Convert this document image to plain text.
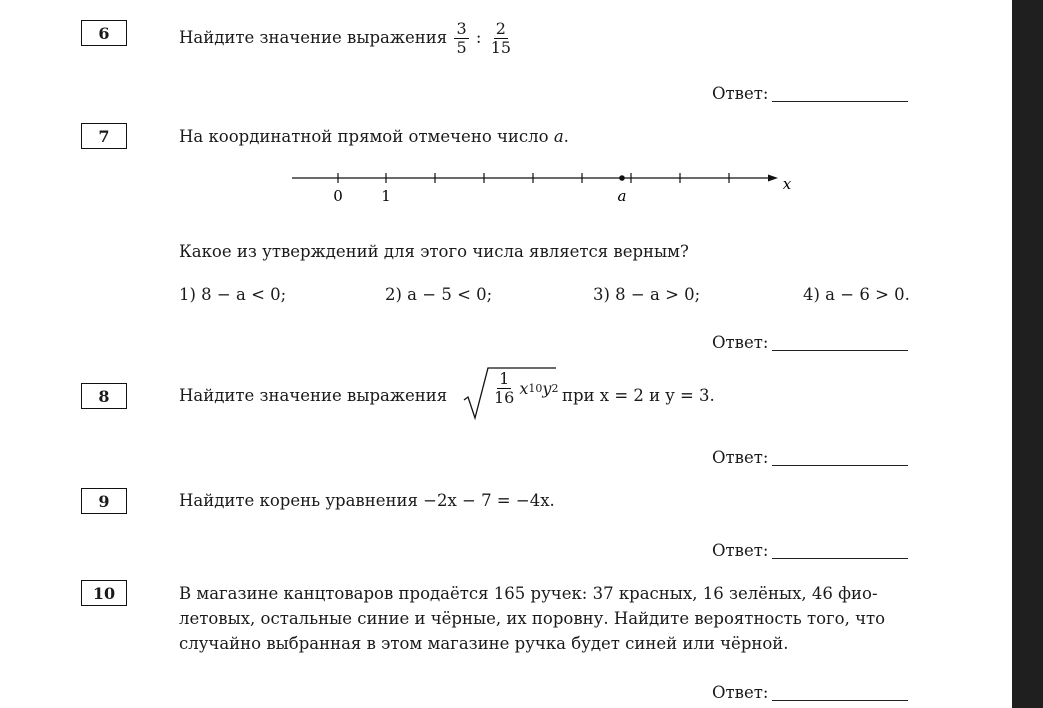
6	Найдите значение выражения $\frac{3}{5}$ : $\frac{2}{15}$
Ответ:
7	На координатной прямой отмечено число a.
0	1	a
x
Какое из утверждений для этого числа является верным?
1) 8 − a < 0;	2) a − 5 < 0;	3) 8 − a > 0;	4) a − 6 > 0.
Ответ:
8	Найдите значение выражения	$\frac{1}{16}$ x 10 y 2 при x = 2 и y = 3.
Ответ:
9	Найдите корень уравнения −2x − 7 = −4x.
Ответ:
10	В магазине канцтоваров продаётся 165 ручек: 37 красных, 16 зелёных, 46 фио-
летовых, остальные синие и чёрные, их поровну. Найдите вероятность того, что
случайно выбранная в этом магазине ручка будет синей или чёрной.
Ответ:
